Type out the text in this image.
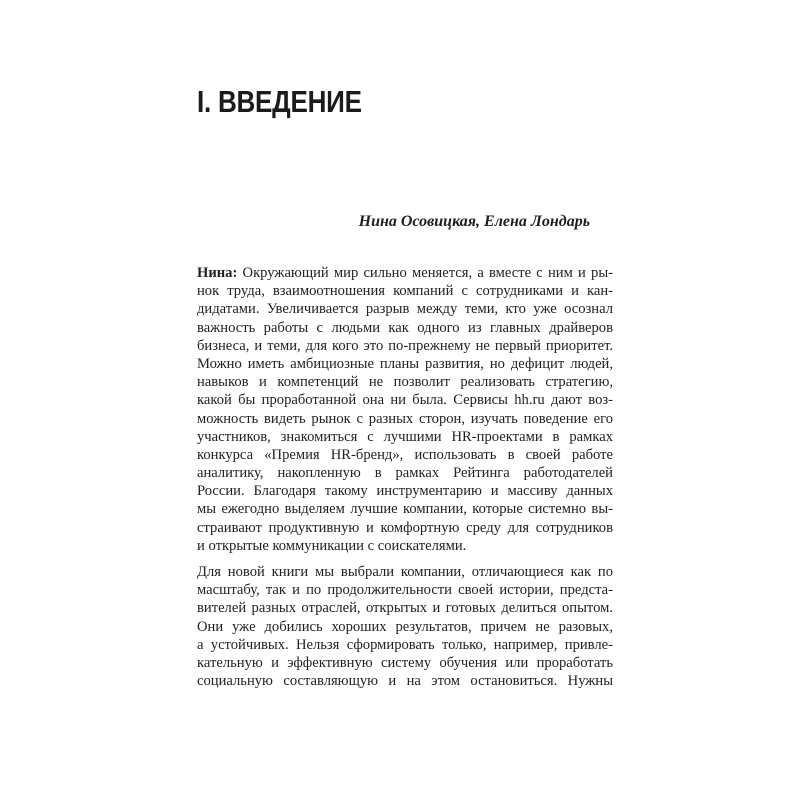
I. ВВЕДЕНИЕ
Нина Осовицкая, Елена Лондарь
Нина: Окружающий мир сильно меняется, а вместе с ним и ры-
нок труда, взаимоотношения компаний с сотрудниками и кан-
дидатами. Увеличивается разрыв между теми, кто уже осознал
важность работы с людьми как одного из главных драйверов
бизнеса, и теми, для кого это по-прежнему не первый приоритет.
Можно иметь амбициозные планы развития, но дефицит людей,
навыков и компетенций не позволит реализовать стратегию,
какой бы проработанной она ни была. Сервисы hh.ru дают воз-
можность видеть рынок с разных сторон, изучать поведение его
участников, знакомиться с лучшими HR-проектами в рамках
конкурса «Премия HR-бренд», использовать в своей работе
аналитику, накопленную в рамках Рейтинга работодателей
России. Благодаря такому инструментарию и массиву данных
мы ежегодно выделяем лучшие компании, которые системно вы-
страивают продуктивную и комфортную среду для сотрудников
и открытые коммуникации с соискателями.
Для новой книги мы выбрали компании, отличающиеся как по
масштабу, так и по продолжительности своей истории, предста-
вителей разных отраслей, открытых и готовых делиться опытом.
Они уже добились хороших результатов, причем не разовых,
а устойчивых. Нельзя сформировать только, например, привле-
кательную и эффективную систему обучения или проработать
социальную составляющую и на этом остановиться. Нужны
